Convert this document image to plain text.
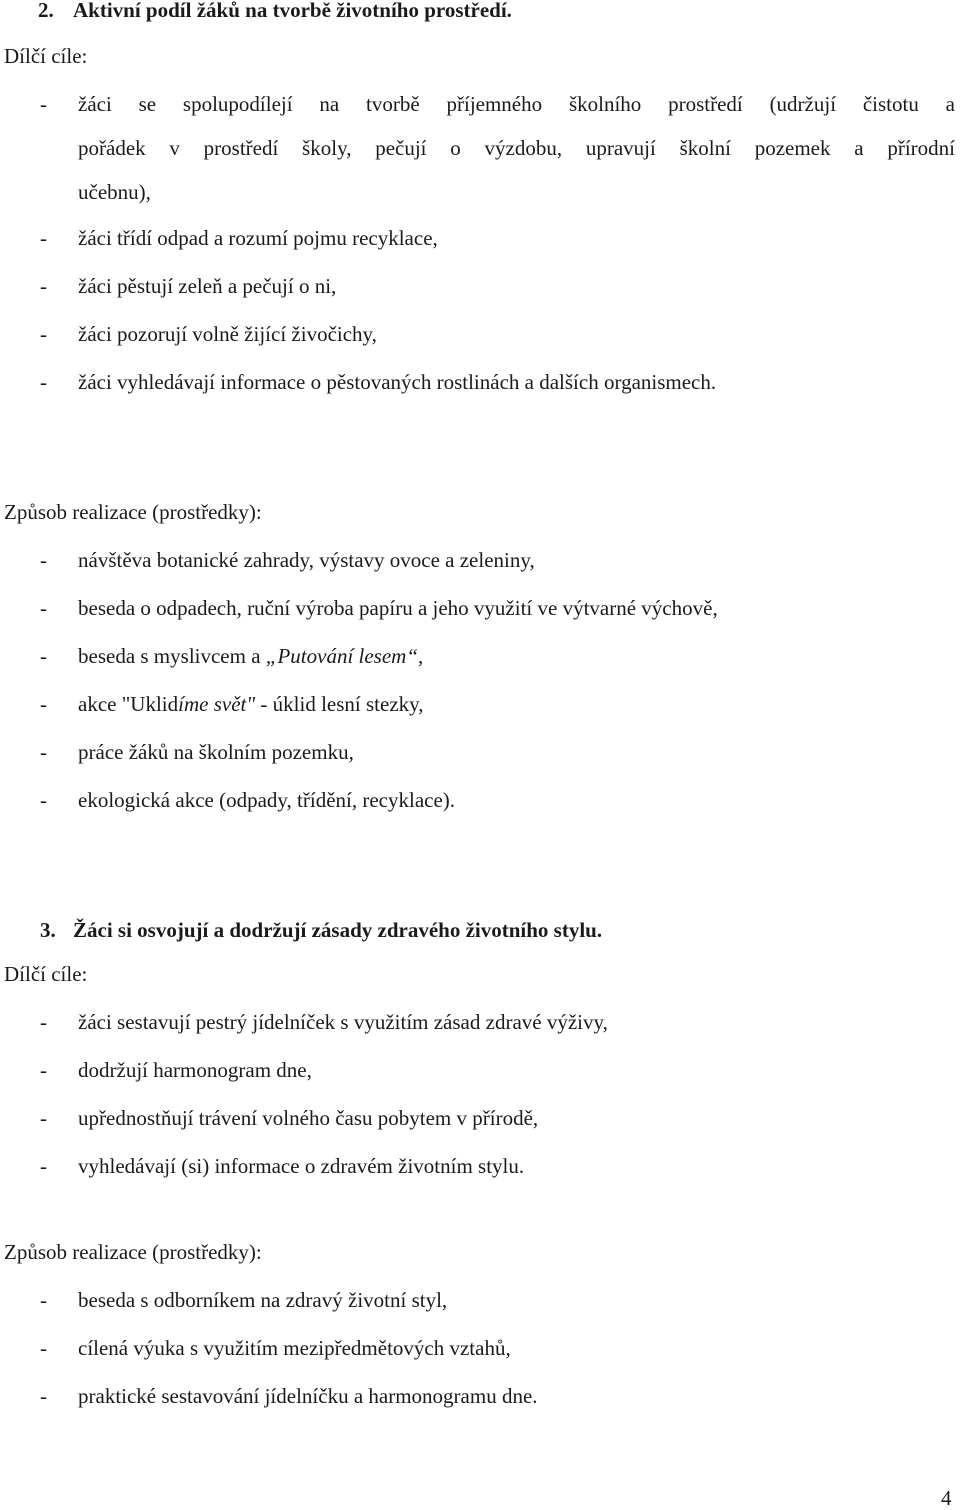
2. Aktivní podíl žáků na tvorbě životního prostředí.
Dílčí cíle:
- žáci se spolupodílejí na tvorbě příjemného školního prostředí (udržují čistotu a
pořádek v prostředí školy, pečují o výzdobu, upravují školní pozemek a přírodní
učebnu),
- žáci třídí odpad a rozumí pojmu recyklace,
- žáci pěstují zeleň a pečují o ni,
- žáci pozorují volně žijící živočichy,
- žáci vyhledávají informace o pěstovaných rostlinách a dalších organismech.
Způsob realizace (prostředky):
- návštěva botanické zahrady, výstavy ovoce a zeleniny,
- beseda o odpadech, ruční výroba papíru a jeho využití ve výtvarné výchově,
- beseda s myslivcem a „Putování lesem“,
- akce "Uklidíme svět" - úklid lesní stezky,
- práce žáků na školním pozemku,
- ekologická akce (odpady, třídění, recyklace).
3. Žáci si osvojují a dodržují zásady zdravého životního stylu.
Dílčí cíle:
- žáci sestavují pestrý jídelníček s využitím zásad zdravé výživy,
- dodržují harmonogram dne,
- upřednostňují trávení volného času pobytem v přírodě,
- vyhledávají (si) informace o zdravém životním stylu.
Způsob realizace (prostředky):
- beseda s odborníkem na zdravý životní styl,
- cílená výuka s využitím mezipředmětových vztahů,
- praktické sestavování jídelníčku a harmonogramu dne.
4
